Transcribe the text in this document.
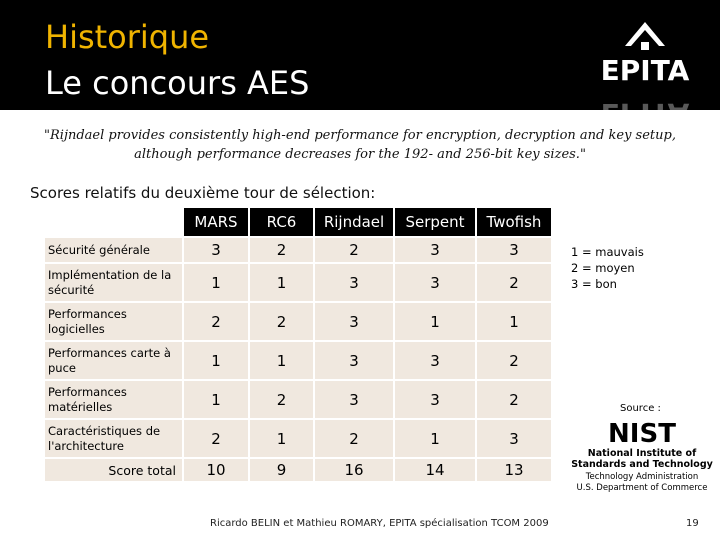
Historique
Le concours AES	EPITA
EPITA
"Rijndael provides consistently high-end performance for encryption, decryption and key setup, although performance decreases for the 192- and 256-bit key sizes."
Scores relatifs du deuxième tour de sélection:
	MARS	RC6	Rijndael	Serpent	Twofish
Sécurité générale	3	2	2	3	3
Implémentation de la sécurité	1	1	3	3	2
Performances logicielles	2	2	3	1	1
Performances carte à puce	1	1	3	3	2
Performances matérielles	1	2	3	3	2
Caractéristiques de l'architecture	2	1	2	1	3
Score total	10	9	16	14	13
1 = mauvais
2 = moyen
3 = bon
Source :
NIST
National Institute of
Standards and Technology
Technology Administration
U.S. Department of Commerce
Ricardo BELIN et Mathieu ROMARY, EPITA spécialisation TCOM 2009	19
